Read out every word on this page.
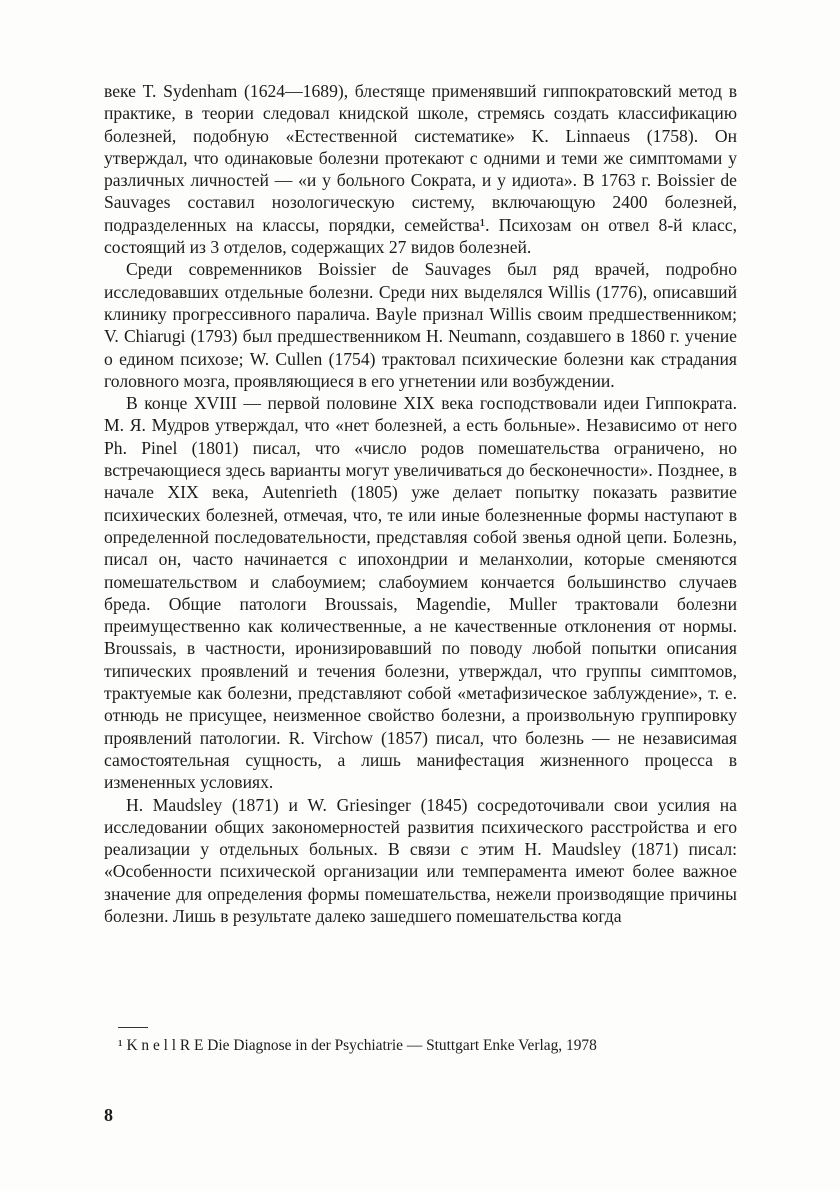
веке T. Sydenham (1624—1689), блестяще применявший гиппократовский метод в практике, в теории следовал книдской школе, стремясь создать классификацию болезней, подобную «Естественной систематике» K. Linnaeus (1758). Он утверждал, что одинаковые болезни протекают с одними и теми же симптомами у различных личностей — «и у больного Сократа, и у идиота». В 1763 г. Boissier de Sauvages составил нозологическую систему, включающую 2400 болезней, подразделенных на классы, порядки, семейства¹. Психозам он отвел 8-й класс, состоящий из 3 отделов, содержащих 27 видов болезней.

Среди современников Boissier de Sauvages был ряд врачей, подробно исследовавших отдельные болезни. Среди них выделялся Willis (1776), описавший клинику прогрессивного паралича. Bayle признал Willis своим предшественником; V. Chiarugi (1793) был предшественником H. Neumann, создавшего в 1860 г. учение о едином психозе; W. Cullen (1754) трактовал психические болезни как страдания головного мозга, проявляющиеся в его угнетении или возбуждении.

В конце XVIII — первой половине XIX века господствовали идеи Гиппократа. М. Я. Мудров утверждал, что «нет болезней, а есть больные». Независимо от него Ph. Pinel (1801) писал, что «число родов помешательства ограничено, но встречающиеся здесь варианты могут увеличиваться до бесконечности». Позднее, в начале XIX века, Autenrieth (1805) уже делает попытку показать развитие психических болезней, отмечая, что, те или иные болезненные формы наступают в определенной последовательности, представляя собой звенья одной цепи. Болезнь, писал он, часто начинается с ипохондрии и меланхолии, которые сменяются помешательством и слабоумием; слабоумием кончается большинство случаев бреда. Общие патологи Broussais, Magendie, Muller трактовали болезни преимущественно как количественные, а не качественные отклонения от нормы. Broussais, в частности, иронизировавший по поводу любой попытки описания типических проявлений и течения болезни, утверждал, что группы симптомов, трактуемые как болезни, представляют собой «метафизическое заблуждение», т. е. отнюдь не присущее, неизменное свойство болезни, а произвольную группировку проявлений патологии. R. Virchow (1857) писал, что болезнь — не независимая самостоятельная сущность, а лишь манифестация жизненного процесса в измененных условиях.

H. Maudsley (1871) и W. Griesinger (1845) сосредоточивали свои усилия на исследовании общих закономерностей развития психического расстройства и его реализации у отдельных больных. В связи с этим H. Maudsley (1871) писал: «Особенности психической организации или темперамента имеют более важное значение для определения формы помешательства, нежели производящие причины болезни. Лишь в результате далеко зашедшего помешательства когда

¹ K n e l l R E Die Diagnose in der Psychiatrie — Stuttgart Enke Verlag, 1978
8
